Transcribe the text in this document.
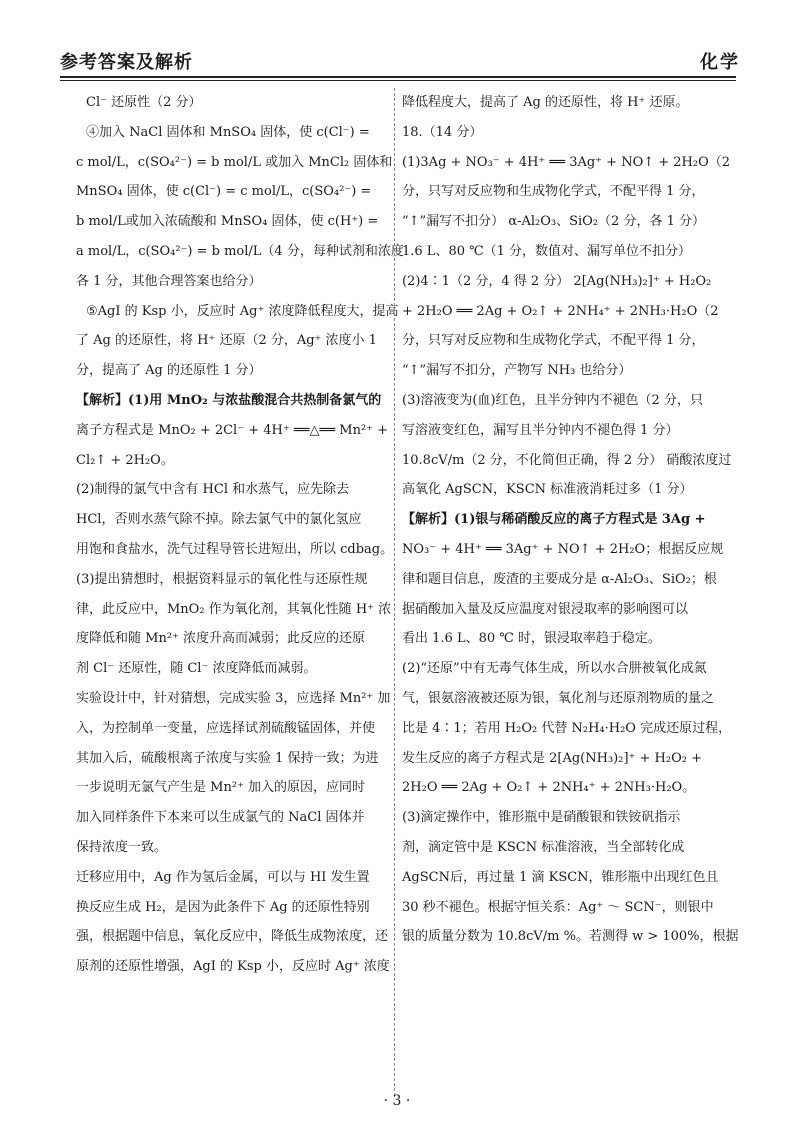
参考答案及解析	化学
Cl⁻ 还原性（2 分）
④加入 NaCl 固体和 MnSO₄ 固体，使 c(Cl⁻) =
c mol/L，c(SO₄²⁻) = b mol/L 或加入 MnCl₂ 固体和
MnSO₄ 固体，使 c(Cl⁻) = c mol/L，c(SO₄²⁻) =
b mol/L或加入浓硫酸和 MnSO₄ 固体，使 c(H⁺) =
a mol/L，c(SO₄²⁻) = b mol/L（4 分，每种试剂和浓度
各 1 分，其他合理答案也给分）
⑤AgI 的 Ksp 小，反应时 Ag⁺ 浓度降低程度大，提高
了 Ag 的还原性，将 H⁺ 还原（2 分，Ag⁺ 浓度小 1
分，提高了 Ag 的还原性 1 分）
【解析】(1)用 MnO₂ 与浓盐酸混合共热制备氯气的
离子方程式是 MnO₂ + 2Cl⁻ + 4H⁺ ══△══ Mn²⁺ +
Cl₂↑ + 2H₂O。
(2)制得的氯气中含有 HCl 和水蒸气，应先除去
HCl，否则水蒸气除不掉。除去氯气中的氯化氢应
用饱和食盐水，洗气过程导管长进短出，所以 cdbag。
(3)提出猜想时，根据资料显示的氧化性与还原性规
律，此反应中，MnO₂ 作为氧化剂，其氧化性随 H⁺ 浓
度降低和随 Mn²⁺ 浓度升高而减弱；此反应的还原
剂 Cl⁻ 还原性，随 Cl⁻ 浓度降低而减弱。
实验设计中，针对猜想，完成实验 3，应选择 Mn²⁺ 加
入，为控制单一变量，应选择试剂硫酸锰固体，并使
其加入后，硫酸根离子浓度与实验 1 保持一致；为进
一步说明无氯气产生是 Mn²⁺ 加入的原因，应同时
加入同样条件下本来可以生成氯气的 NaCl 固体并
保持浓度一致。
迁移应用中，Ag 作为氢后金属，可以与 HI 发生置
换反应生成 H₂，是因为此条件下 Ag 的还原性特别
强，根据题中信息，氧化反应中，降低生成物浓度，还
原剂的还原性增强，AgI 的 Ksp 小，反应时 Ag⁺ 浓度
降低程度大，提高了 Ag 的还原性，将 H⁺ 还原。
18.（14 分）
(1)3Ag + NO₃⁻ + 4H⁺ ══ 3Ag⁺ + NO↑ + 2H₂O（2
分，只写对反应物和生成物化学式，不配平得 1 分，
“↑”漏写不扣分） α-Al₂O₃、SiO₂（2 分，各 1 分）
1.6 L、80 ℃（1 分，数值对、漏写单位不扣分）
(2)4∶1（2 分，4 得 2 分） 2[Ag(NH₃)₂]⁺ + H₂O₂
+ 2H₂O ══ 2Ag + O₂↑ + 2NH₄⁺ + 2NH₃·H₂O（2
分，只写对反应物和生成物化学式，不配平得 1 分，
“↑”漏写不扣分，产物写 NH₃ 也给分）
(3)溶液变为(血)红色，且半分钟内不褪色（2 分，只
写溶液变红色，漏写且半分钟内不褪色得 1 分）
10.8cV/m（2 分，不化简但正确，得 2 分） 硝酸浓度过
高氧化 AgSCN，KSCN 标准液消耗过多（1 分）
【解析】(1)银与稀硝酸反应的离子方程式是 3Ag +
NO₃⁻ + 4H⁺ ══ 3Ag⁺ + NO↑ + 2H₂O；根据反应规
律和题目信息，废渣的主要成分是 α-Al₂O₃、SiO₂；根
据硝酸加入量及反应温度对银浸取率的影响图可以
看出 1.6 L、80 ℃ 时，银浸取率趋于稳定。
(2)“还原”中有无毒气体生成，所以水合肼被氧化成氮
气，银氨溶液被还原为银，氧化剂与还原剂物质的量之
比是 4∶1；若用 H₂O₂ 代替 N₂H₄·H₂O 完成还原过程，
发生反应的离子方程式是 2[Ag(NH₃)₂]⁺ + H₂O₂ +
2H₂O ══ 2Ag + O₂↑ + 2NH₄⁺ + 2NH₃·H₂O。
(3)滴定操作中，锥形瓶中是硝酸银和铁铵矾指示
剂，滴定管中是 KSCN 标准溶液，当全部转化成
AgSCN后，再过量 1 滴 KSCN，锥形瓶中出现红色且
30 秒不褪色。根据守恒关系：Ag⁺ ～ SCN⁻，则银中
银的质量分数为 10.8cV/m %。若测得 w > 100%，根据
· 3 ·
